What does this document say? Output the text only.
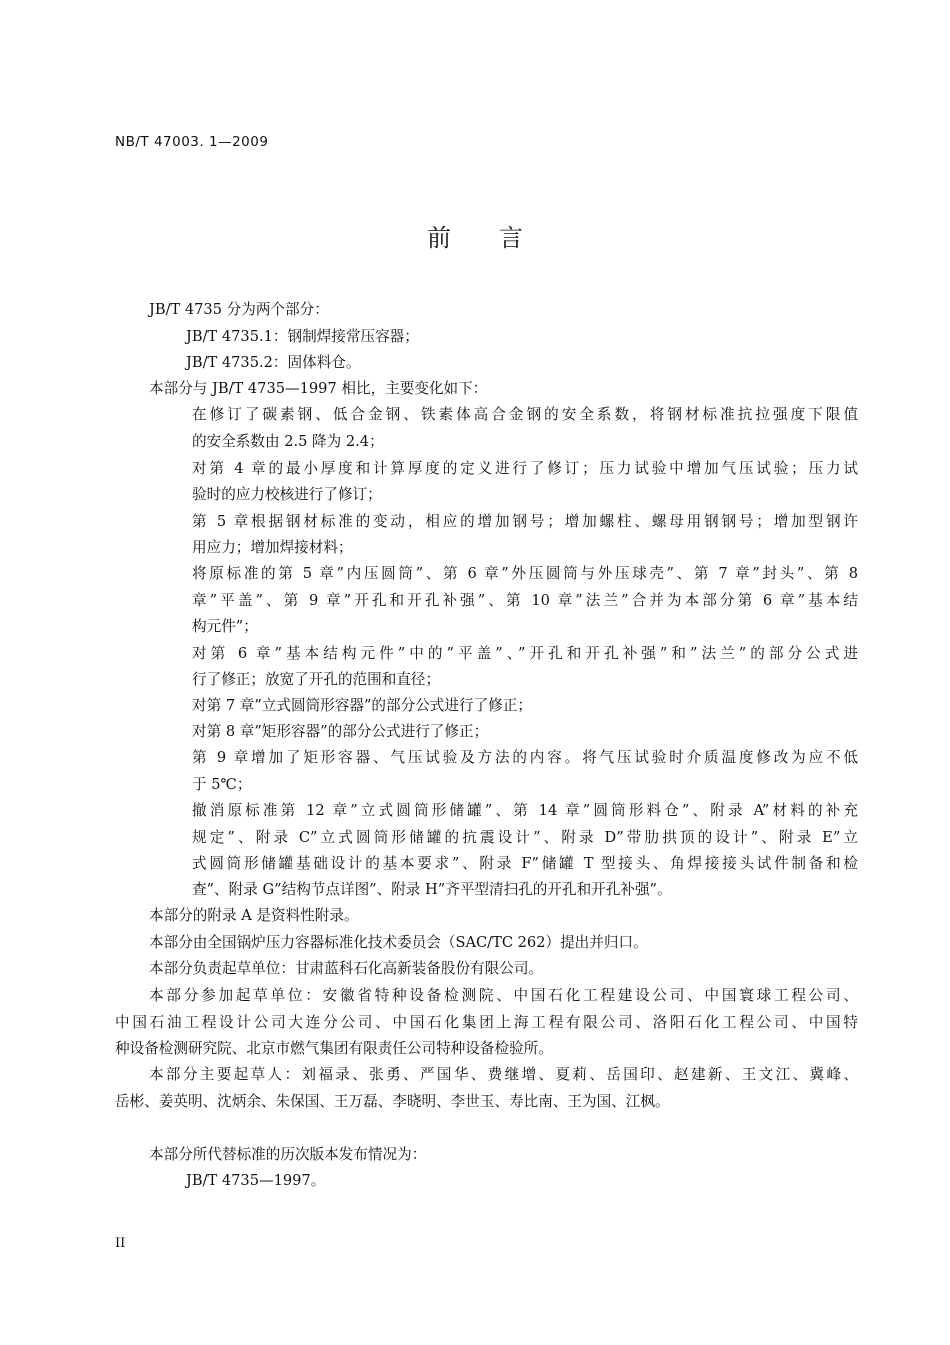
NB/T 47003. 1—2009
前言
JB/T 4735 分为两个部分：
JB/T 4735.1：钢制焊接常压容器；
JB/T 4735.2：固体料仓。
本部分与 JB/T 4735—1997 相比，主要变化如下：
在修订了碳素钢、低合金钢、铁素体高合金钢的安全系数，将钢材标准抗拉强度下限值
的安全系数由 2.5 降为 2.4；
对第 4 章的最小厚度和计算厚度的定义进行了修订；压力试验中增加气压试验；压力试
验时的应力校核进行了修订；
第 5 章根据钢材标准的变动，相应的增加钢号；增加螺柱、螺母用钢钢号；增加型钢许
用应力；增加焊接材料；
将原标准的第 5 章”内压圆筒”、第 6 章”外压圆筒与外压球壳”、第 7 章”封头”、第 8
章”平盖”、第 9 章”开孔和开孔补强”、第 10 章”法兰”合并为本部分第 6 章”基本结
构元件”；
对第 6 章”基本结构元件”中的”平盖”、”开孔和开孔补强”和”法兰”的部分公式进
行了修正；放宽了开孔的范围和直径；
对第 7 章”立式圆筒形容器”的部分公式进行了修正；
对第 8 章”矩形容器”的部分公式进行了修正；
第 9 章增加了矩形容器、气压试验及方法的内容。将气压试验时介质温度修改为应不低
于 5℃；
撤消原标准第 12 章”立式圆筒形储罐”、第 14 章”圆筒形料仓”、附录 A”材料的补充
规定”、附录 C”立式圆筒形储罐的抗震设计”、附录 D”带肋拱顶的设计”、附录 E”立
式圆筒形储罐基础设计的基本要求”、附录 F”储罐 T 型接头、角焊接接头试件制备和检
查”、附录 G”结构节点详图”、附录 H”齐平型清扫孔的开孔和开孔补强”。
本部分的附录 A 是资料性附录。
本部分由全国锅炉压力容器标准化技术委员会（SAC/TC 262）提出并归口。
本部分负责起草单位：甘肃蓝科石化高新装备股份有限公司。
本部分参加起草单位：安徽省特种设备检测院、中国石化工程建设公司、中国寰球工程公司、
中国石油工程设计公司大连分公司、中国石化集团上海工程有限公司、洛阳石化工程公司、中国特
种设备检测研究院、北京市燃气集团有限责任公司特种设备检验所。
本部分主要起草人：刘福录、张勇、严国华、费继增、夏莉、岳国印、赵建新、王文江、冀峰、
岳彬、姜英明、沈炳余、朱保国、王万磊、李晓明、李世玉、寿比南、王为国、江枫。
本部分所代替标准的历次版本发布情况为：
JB/T 4735—1997。
II
